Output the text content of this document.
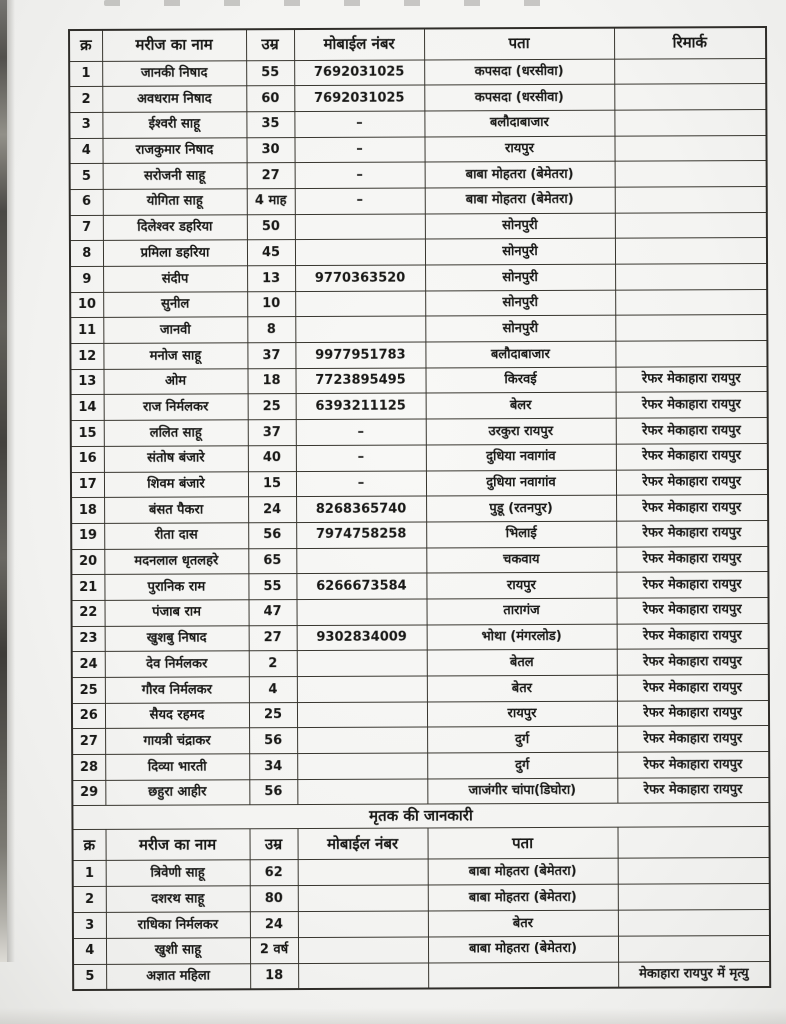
क्र	मरीज का नाम	उम्र	मोबाईल नंबर	पता	रिमार्क
1	जानकी निषाद	55	7692031025	कपसदा (धरसीवा)	
2	अवधराम निषाद	60	7692031025	कपसदा (धरसीवा)	
3	ईश्वरी साहू	35	–	बलौदाबाजार	
4	राजकुमार निषाद	30	–	रायपुर	
5	सरोजनी साहू	27	–	बाबा मोहतरा (बेमेतरा)	
6	योगिता साहू	4 माह	–	बाबा मोहतरा (बेमेतरा)	
7	दिलेश्वर डहरिया	50		सोनपुरी	
8	प्रमिला डहरिया	45		सोनपुरी	
9	संदीप	13	9770363520	सोनपुरी	
10	सुनील	10		सोनपुरी	
11	जानवी	8		सोनपुरी	
12	मनोज साहू	37	9977951783	बलौदाबाजार	
13	ओम	18	7723895495	किरवई	रेफर मेकाहारा रायपुर
14	राज निर्मलकर	25	6393211125	बेलर	रेफर मेकाहारा रायपुर
15	ललित साहू	37	–	उरकुरा रायपुर	रेफर मेकाहारा रायपुर
16	संतोष बंजारे	40	–	दुधिया नवागांव	रेफर मेकाहारा रायपुर
17	शिवम बंजारे	15	–	दुधिया नवागांव	रेफर मेकाहारा रायपुर
18	बंसत पैकरा	24	8268365740	पुडू (रतनपुर)	रेफर मेकाहारा रायपुर
19	रीता दास	56	7974758258	भिलाई	रेफर मेकाहारा रायपुर
20	मदनलाल धृतलहरे	65		चकवाय	रेफर मेकाहारा रायपुर
21	पुरानिक राम	55	6266673584	रायपुर	रेफर मेकाहारा रायपुर
22	पंजाब राम	47		तारागंज	रेफर मेकाहारा रायपुर
23	खुशबु निषाद	27	9302834009	भोथा (मंगरलोड)	रेफर मेकाहारा रायपुर
24	देव निर्मलकर	2		बेतल	रेफर मेकाहारा रायपुर
25	गौरव निर्मलकर	4		बेतर	रेफर मेकाहारा रायपुर
26	सैयद रहमद	25		रायपुर	रेफर मेकाहारा रायपुर
27	गायत्री चंद्राकर	56		दुर्ग	रेफर मेकाहारा रायपुर
28	दिव्या भारती	34		दुर्ग	रेफर मेकाहारा रायपुर
29	छहुरा आहीर	56		जाजंगीर चांपा(डिघोरा)	रेफर मेकाहारा रायपुर
मृतक की जानकारी					
क्र	मरीज का नाम	उम्र	मोबाईल नंबर	पता	
1	त्रिवेणी साहू	62		बाबा मोहतरा (बेमेतरा)	
2	दशरथ साहू	80		बाबा मोहतरा (बेमेतरा)	
3	राधिका निर्मलकर	24		बेतर	
4	खुशी साहू	2 वर्ष		बाबा मोहतरा (बेमेतरा)	
5	अज्ञात महिला	18			मेकाहारा रायपुर में मृत्यु
